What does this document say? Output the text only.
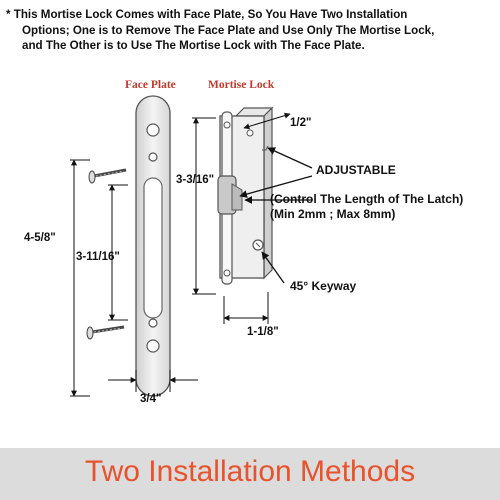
* This Mortise Lock Comes with Face Plate, So You Have Two Installation
Options; One is to Remove The Face Plate and Use Only The Mortise Lock,
and The Other is to Use The Mortise Lock with The Face Plate.
Face Plate	Mortise Lock
1/2"
3-3/16"
4-5/8"
3-11/16"
1-1/8"
3/4"
ADJUSTABLE
(Control The Length of The Latch)
(Min 2mm ; Max 8mm)
45° Keyway
Two Installation Methods
